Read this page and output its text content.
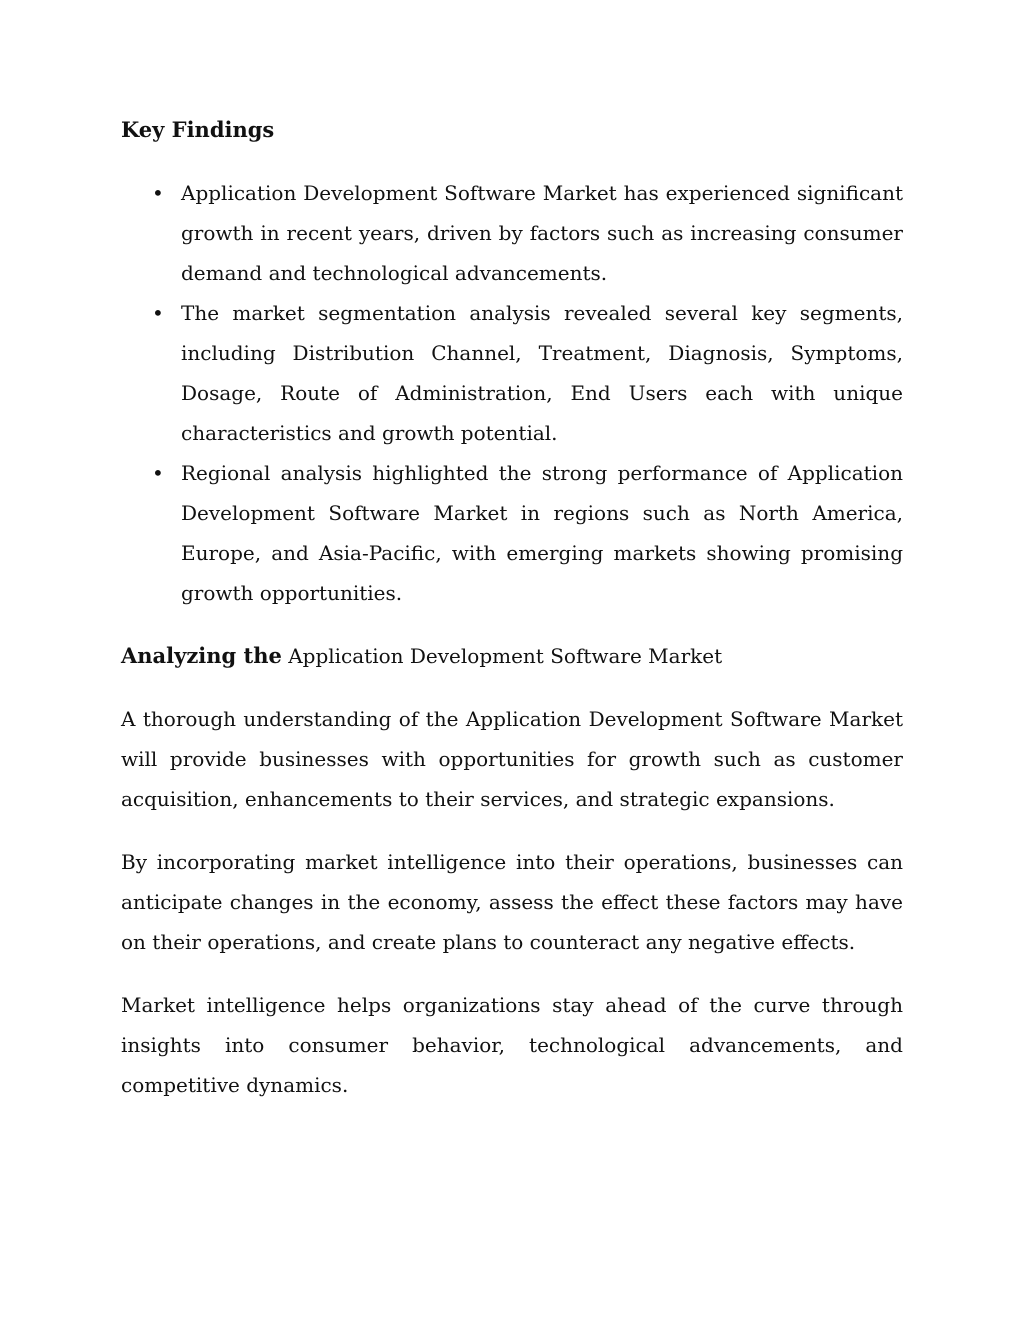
Key Findings
• Application Development Software Market has experienced significant growth in recent years, driven by factors such as increasing consumer demand and technological advancements.

• The market segmentation analysis revealed several key segments, including Distribution Channel, Treatment, Diagnosis, Symptoms, Dosage, Route of Administration, End Users each with unique characteristics and growth potential.

• Regional analysis highlighted the strong performance of Application Development Software Market in regions such as North America, Europe, and Asia-Pacific, with emerging markets showing promising growth opportunities.

Analyzing the Application Development Software Market

A thorough understanding of the Application Development Software Market will provide businesses with opportunities for growth such as customer acquisition, enhancements to their services, and strategic expansions.

By incorporating market intelligence into their operations, businesses can anticipate changes in the economy, assess the effect these factors may have on their operations, and create plans to counteract any negative effects.

Market intelligence helps organizations stay ahead of the curve through insights into consumer behavior, technological advancements, and competitive dynamics.
